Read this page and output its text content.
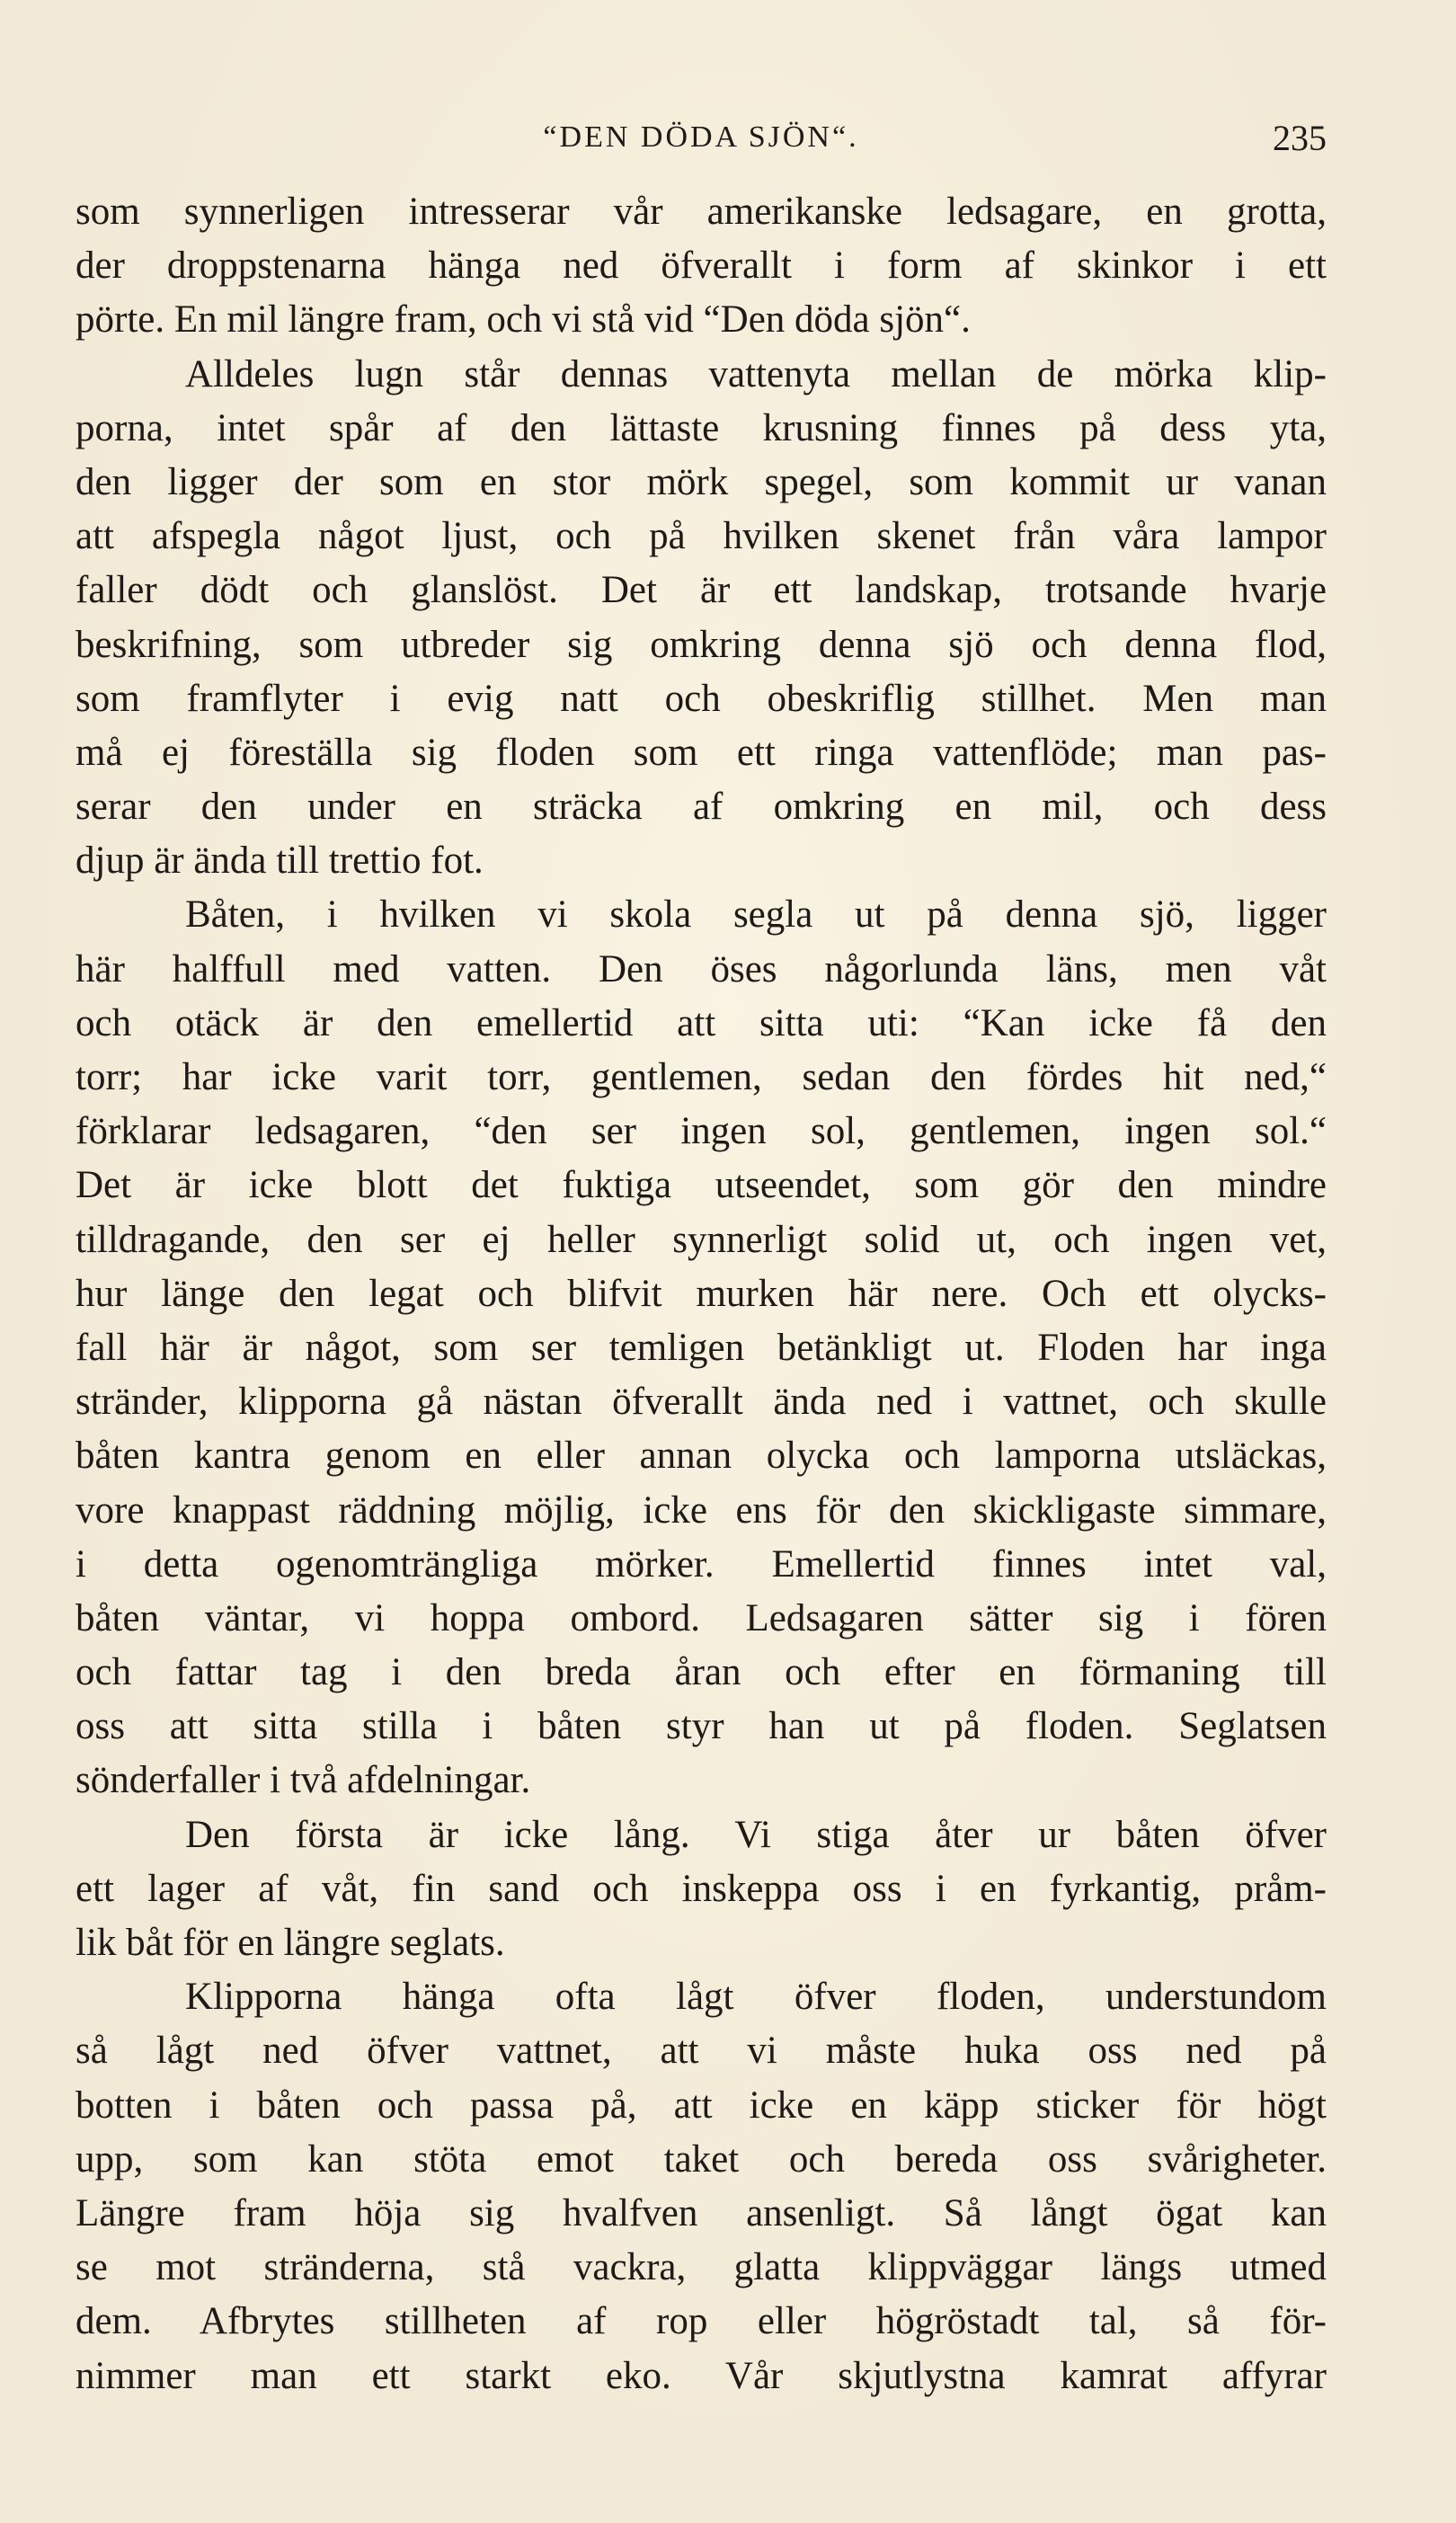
“DEN DÖDA SJÖN“.	235
som synnerligen intresserar vår amerikanske ledsagare, en grotta,
der droppstenarna hänga ned öfverallt i form af skinkor i ett
pörte. En mil längre fram, och vi stå vid “Den döda sjön“.
Alldeles lugn står dennas vattenyta mellan de mörka klip-
porna, intet spår af den lättaste krusning finnes på dess yta,
den ligger der som en stor mörk spegel, som kommit ur vanan
att afspegla något ljust, och på hvilken skenet från våra lampor
faller dödt och glanslöst. Det är ett landskap, trotsande hvarje
beskrifning, som utbreder sig omkring denna sjö och denna flod,
som framflyter i evig natt och obeskriflig stillhet. Men man
må ej föreställa sig floden som ett ringa vattenflöde; man pas-
serar den under en sträcka af omkring en mil, och dess
djup är ända till trettio fot.
Båten, i hvilken vi skola segla ut på denna sjö, ligger
här halffull med vatten. Den öses någorlunda läns, men våt
och otäck är den emellertid att sitta uti: “Kan icke få den
torr; har icke varit torr, gentlemen, sedan den fördes hit ned,“
förklarar ledsagaren, “den ser ingen sol, gentlemen, ingen sol.“
Det är icke blott det fuktiga utseendet, som gör den mindre
tilldragande, den ser ej heller synnerligt solid ut, och ingen vet,
hur länge den legat och blifvit murken här nere. Och ett olycks-
fall här är något, som ser temligen betänkligt ut. Floden har inga
stränder, klipporna gå nästan öfverallt ända ned i vattnet, och skulle
båten kantra genom en eller annan olycka och lamporna utsläckas,
vore knappast räddning möjlig, icke ens för den skickligaste simmare,
i detta ogenomträngliga mörker. Emellertid finnes intet val,
båten väntar, vi hoppa ombord. Ledsagaren sätter sig i fören
och fattar tag i den breda åran och efter en förmaning till
oss att sitta stilla i båten styr han ut på floden. Seglatsen
sönderfaller i två afdelningar.
Den första är icke lång. Vi stiga åter ur båten öfver
ett lager af våt, fin sand och inskeppa oss i en fyrkantig, pråm-
lik båt för en längre seglats.
Klipporna hänga ofta lågt öfver floden, understundom
så lågt ned öfver vattnet, att vi måste huka oss ned på
botten i båten och passa på, att icke en käpp sticker för högt
upp, som kan stöta emot taket och bereda oss svårigheter.
Längre fram höja sig hvalfven ansenligt. Så långt ögat kan
se mot stränderna, stå vackra, glatta klippväggar längs utmed
dem. Afbrytes stillheten af rop eller högröstadt tal, så för-
nimmer man ett starkt eko. Vår skjutlystna kamrat affyrar
